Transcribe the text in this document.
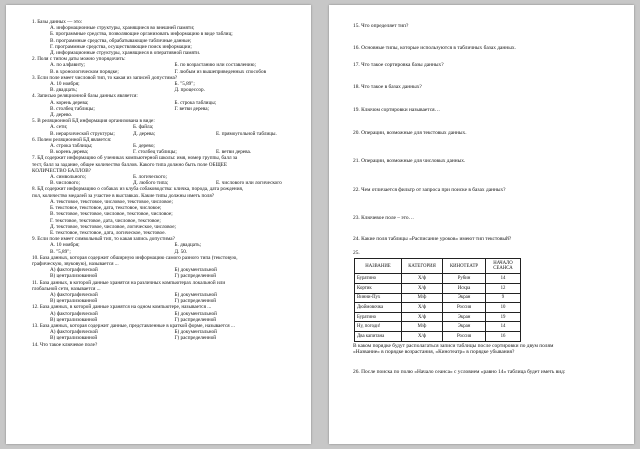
1. Базы данных — это:
А. информационные структуры, хранящиеся во внешней памяти;
Б. программные средства, позволяющие организовать информацию в виде таблиц;
В. программные средства, обрабатывающие табличные данные;
Г. программные средства, осуществляющие поиск информации;
Д. информационные структуры, хранящиеся в оперативной памяти.
2. Поля с типом даты можно упорядочить:
А. по алфавиту;	Б. по возрастанию или составлению;
В. в хронологическом порядке;	Г. любым из вышеприведенных способов
3. Если поле имеет числовой тип, то какая из записей допустима?
А. 10 ноября;	Б. "5,89";
В. двадцать;	Д. процессор.
4. Записью реляционной базы данных является:
А. корень дерева;	Б. строка таблицы;
В. столбец таблицы;	Г. ветви дерева;
Д. дерево.
5. В реляционной БД информация организована в виде:
А. сети;	Б. файла;
В. иерархической структуры;	Д. дерева;	Е. прямоугольной таблицы.
6. Полем реляционной БД является:
А. строка таблицы;	Б. дерево;
В. корень дерева;	Г. столбец таблицы;	Е. ветви дерева.
7. БД содержит информацию об учениках компьютерной школы: имя, номер группы, балл за
тест, балл за задание, общее количество баллов. Какого типа должно быть поле ОБЩЕЕ
КОЛИЧЕСТВО БАЛЛОВ?
А. символьного;	Б. логического;
В. числового;	Д. любого типа;	Е. числового или логического
8. БД содержит информацию о собаках из клуба собаководства: кличка, порода, дата рождения,
пол, количество медалей за участие в выставках. Какие типы должны иметь поля?
А. текстовое, текстовое, числовое, текстовое, числовое;
Б. текстовое, текстовое, дата, текстовое, числовое;
В. текстовое, текстовое, числовое, текстовое, числовое;
Г. текстовое, текстовое, дата, числовое, текстовое;
Д. текстовое, текстовое, числовое, логическое, числовое;
Е. текстовое, текстовое, дата, логическое, текстовое.
9. Если поле имеет символьный тип, то какая запись допустима?
А. 10 ноября;	Б. двадцать;
В. "5,89";	Д. 50.
10. База данных, которая содержит обширную информацию самого разного типа (текстовую,
графическую, звуковую), называется ...
А) фактографической	Б) документальной
В) централизованной	Г) распределенной
11. База данных, в которой данные хранятся на различных компьютерах локальной или
глобальной сети, называется ...
А) фактографической	Б) документальной
В) централизованной	Г) распределенной
12. База данных, в которой данные хранятся на одном компьютере, называется ...
А) фактографической	Б) документальной
В) централизованной	Г) распределенной
13. База данных, которая содержит данные, представленные в краткой форме, называется ...
А) фактографической	Б) документальной
В) централизованной	Г) распределенной
14. Что такое ключевое поле?
15. Что определяет тип?
16. Основные типы, которые используются в табличных базах данных.
17. Что такое сортировка базы данных?
18. Что такое в базах данных?
19. Ключом сортировки называется…
20. Операции, возможные для текстовых данных.
21. Операции, возможные для числовых данных.
22. Чем отличается фильтр от запроса при поиске в базах данных?
23. Ключевое поле – это…
24. Какие поля таблицы «Расписание уроков» имеют тип текстовый?
25.
НАЗВАНИЕ	КАТЕГОРИЯ	КИНОТЕАТР	НАЧАЛО СЕАНСА
Буратино	Х/ф	Рубин	14
Кортик	Х/ф	Искра	12
Винни-Пух	М/ф	Экран	9
Дюймовочка	Х/ф	Россия	10
Буратино	Х/ф	Экран	19
Ну, погоди!	М/ф	Экран	14
Два капитана	Х/ф	Россия	16
В каком порядке будут располагаться записи таблицы после сортировки по двум полям
«Название» в порядке возрастания, «Кинотеатр» в порядке убывания?
26. После поиска по полю «Начало сеанса» с условием «равно 14» таблица будет иметь вид:
